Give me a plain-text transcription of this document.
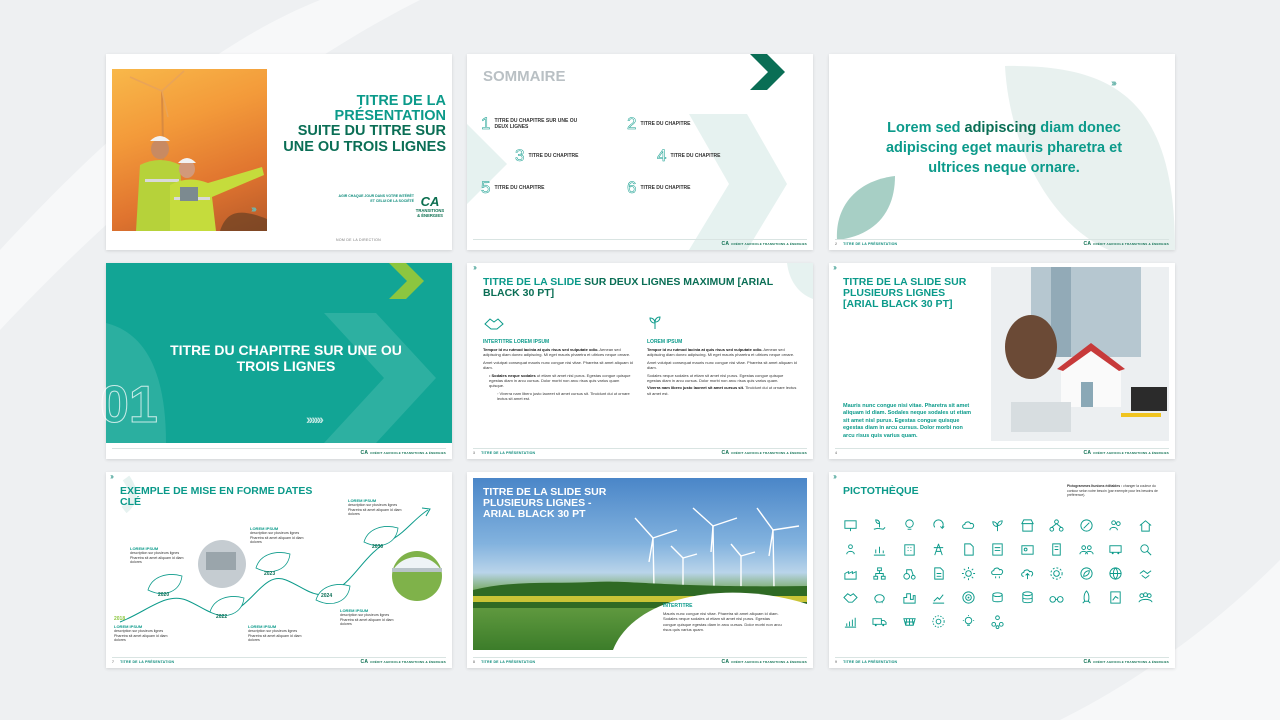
TITRE DE LA PRÉSENTATION
SUITE DU TITRE SUR UNE OU TROIS LIGNES
AGIR CHAQUE JOUR DANS VOTRE INTÉRÊT
ET CELUI DE LA SOCIÉTÉ CA
TRANSITIONS
& ÉNERGIES
›››
NOM DE LA DIRECTION
SOMMAIRE
1 TITRE DU CHAPITRE SUR UNE OU DEUX LIGNES	2 TITRE DU CHAPITRE
3 TITRE DU CHAPITRE	4 TITRE DU CHAPITRE
5 TITRE DU CHAPITRE	6 TITRE DU CHAPITRE
CA CRÉDIT AGRICOLE TRANSITIONS & ÉNERGIES
›››
Lorem sed adipiscing diam donec adipiscing eget mauris pharetra et ultrices neque ornare.
2 TITRE DE LA PRÉSENTATION	CA CRÉDIT AGRICOLE TRANSITIONS & ÉNERGIES
TITRE DU CHAPITRE SUR UNE OU TROIS LIGNES
01	››››››
CA CRÉDIT AGRICOLE TRANSITIONS & ÉNERGIES
›››
TITRE DE LA SLIDE SUR DEUX LIGNES MAXIMUM [ARIAL BLACK 30 PT]
INTERTITRE LOREM IPSUM
Tempor id eu rutmod lacinia at quis risus sed vulputate odio. Aenean sed adipiscing diam donec adipiscing. Mi eget mauris pharetra et ultrices neque ornare.
Amet volutpat consequat mauris nunc congue nisi vitae. Pharetra sit amet aliquam id diam.
• Sodales neque sodales ut etiam sit amet nisl purus. Egestas congue quisque egestas diam in arcu cursus. Dolor morbi non arcu risus quis varius quam quisque.
◦ Viverra nam libero justo laoreet sit amet cursus sit. Tincidunt dui ut ornare lectus sit amet est.
LOREM IPSUM
Tempor id eu rutmod lacinia at quis risus sed vulputate odio. Aenean sed adipiscing diam donec adipiscing. Mi eget mauris pharetra et ultrices neque ornare.
Amet volutpat consequat mauris nunc congue nisi vitae. Pharetra sit amet aliquam id diam.
Sodales neque sodales ut etiam sit amet nisl purus. Egestas congue quisque egestas diam in arcu cursus. Dolor morbi non arcu risus quis varius quam.
Viverra nam libero justo laoreet sit amet cursus sit. Tincidunt dui ut ornare lectus sit amet est.
3 TITRE DE LA PRÉSENTATION	CA CRÉDIT AGRICOLE TRANSITIONS & ÉNERGIES
›››
TITRE DE LA SLIDE SUR PLUSIEURS LIGNES [ARIAL BLACK 30 PT]
Mauris nunc congue nisi vitae. Pharetra sit amet aliquam id diam. Sodales neque sodales ut etiam sit amet nisl purus. Egestas congue quisque egestas diam in arcu cursus. Dolor morbi non arcu risus quis varius quam.
4	CA CRÉDIT AGRICOLE TRANSITIONS & ÉNERGIES
›››
EXEMPLE DE MISE EN FORME DATES CLÉ
2018
2020
2022
2023
2024
2030
LOREM IPSUM
description sur plusieurs lignes Pharetra sit amet aliquam id diam dolores
LOREM IPSUM
description sur plusieurs lignes Pharetra sit amet aliquam id diam dolores
LOREM IPSUM
description sur plusieurs lignes Pharetra sit amet aliquam id diam dolores
LOREM IPSUM
description sur plusieurs lignes Pharetra sit amet aliquam id diam dolores
LOREM IPSUM
description sur plusieurs lignes Pharetra sit amet aliquam id diam dolores
LOREM IPSUM
description sur plusieurs lignes Pharetra sit amet aliquam id diam dolores
7 TITRE DE LA PRÉSENTATION	CA CRÉDIT AGRICOLE TRANSITIONS & ÉNERGIES
TITRE DE LA SLIDE SUR PLUSIEURS LIGNES - ARIAL BLACK 30 PT
INTERTITRE
Mauris nunc congue nisi vitae. Pharetra sit amet aliquam id diam. Sodales neque sodales ut etiam sit amet nisl purus. Egestas congue quisque egestas diam in arcu cursus. Dolor morbi non arcu risus quis varius quam.
8 TITRE DE LA PRÉSENTATION	CA CRÉDIT AGRICOLE TRANSITIONS & ÉNERGIES
›››
PICTOTHÈQUE	Pictogrammes Itunions éditables : changer la couleur du contour selon votre besoin (par exemple pour les besoins de préférence).
9 TITRE DE LA PRÉSENTATION	CA CRÉDIT AGRICOLE TRANSITIONS & ÉNERGIES
